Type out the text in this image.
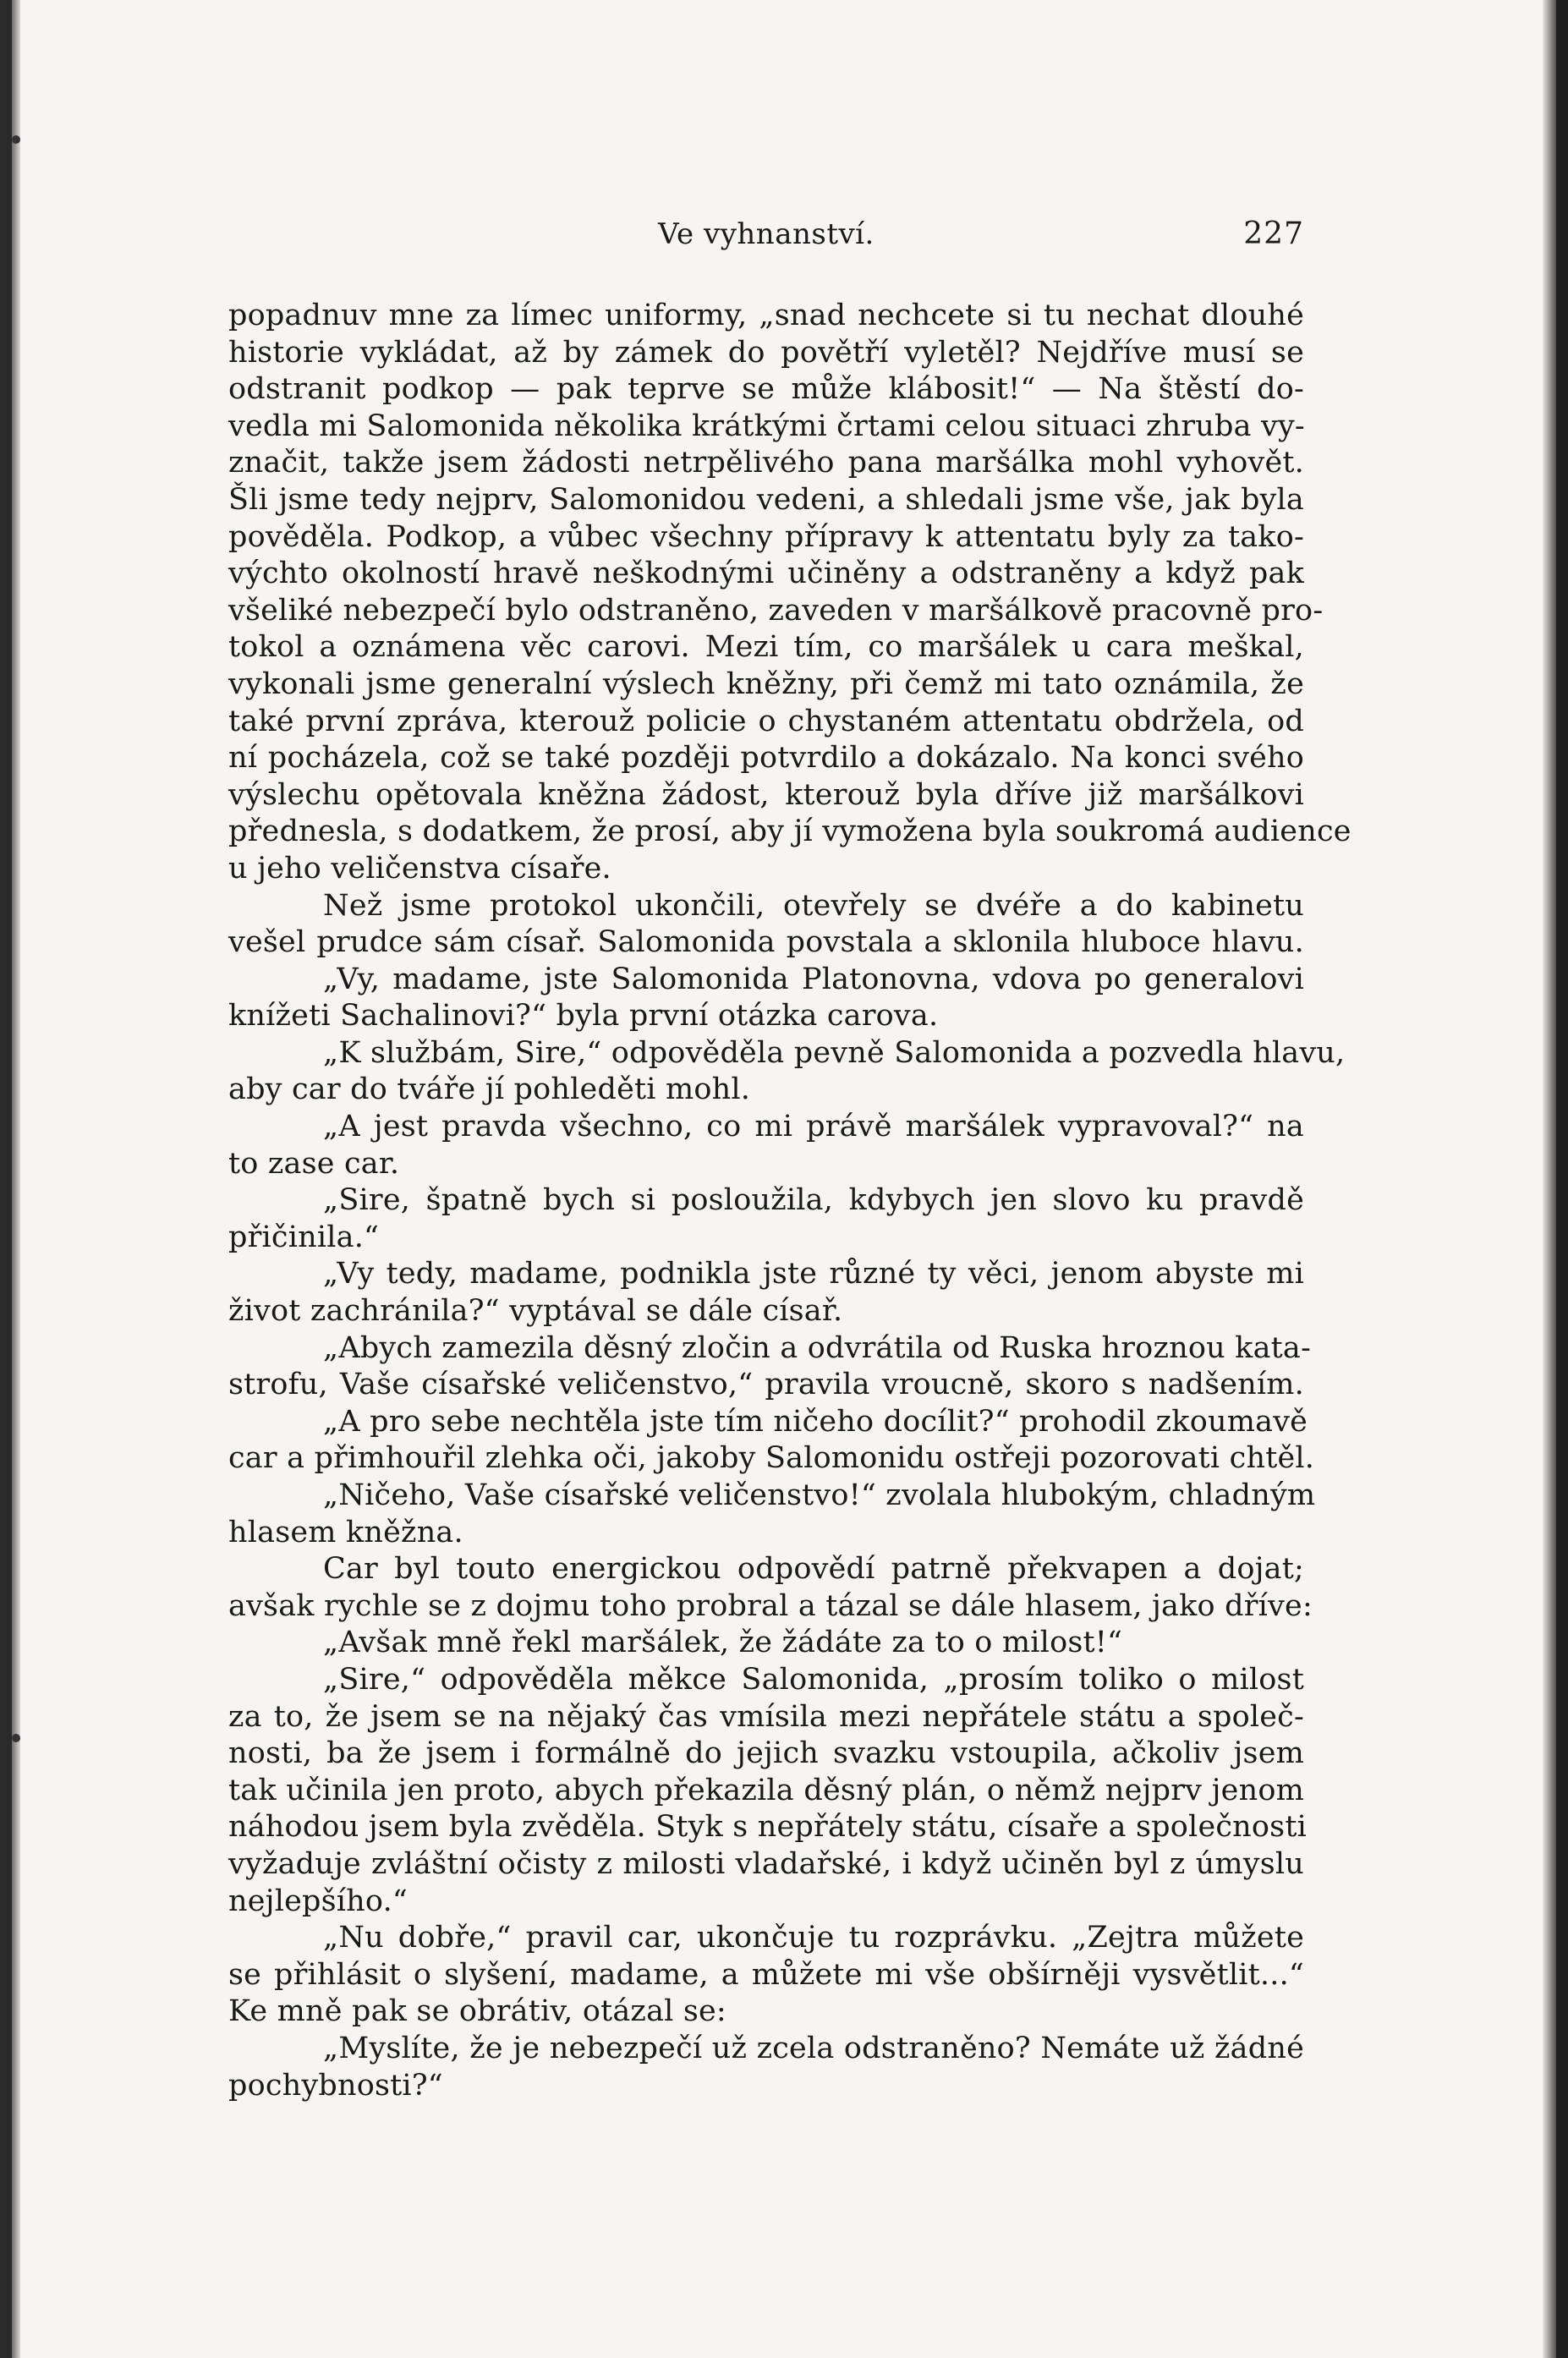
Ve vyhnanství.	227
popadnuv mne za límec uniformy, „snad nechcete si tu nechat dlouhé
historie vykládat, až by zámek do povětří vyletěl? Nejdříve musí se
odstranit podkop — pak teprve se může klábosit!“ — Na štěstí do-
vedla mi Salomonida několika krátkými črtami celou situaci zhruba vy-
značit, takže jsem žádosti netrpělivého pana maršálka mohl vyhovět.
Šli jsme tedy nejprv, Salomonidou vedeni, a shledali jsme vše, jak byla
pověděla. Podkop, a vůbec všechny přípravy k attentatu byly za tako-
výchto okolností hravě neškodnými učiněny a odstraněny a když pak
všeliké nebezpečí bylo odstraněno, zaveden v maršálkově pracovně pro-
tokol a oznámena věc carovi. Mezi tím, co maršálek u cara meškal,
vykonali jsme generalní výslech kněžny, při čemž mi tato oznámila, že
také první zpráva, kterouž policie o chystaném attentatu obdržela, od
ní pocházela, což se také později potvrdilo a dokázalo. Na konci svého
výslechu opětovala kněžna žádost, kterouž byla dříve již maršálkovi
přednesla, s dodatkem, že prosí, aby jí vymožena byla soukromá audience
u jeho veličenstva císaře.
Než jsme protokol ukončili, otevřely se dvéře a do kabinetu
vešel prudce sám císař. Salomonida povstala a sklonila hluboce hlavu.
„Vy, madame, jste Salomonida Platonovna, vdova po generalovi
knížeti Sachalinovi?“ byla první otázka carova.
„K službám, Sire,“ odpověděla pevně Salomonida a pozvedla hlavu,
aby car do tváře jí pohleděti mohl.
„A jest pravda všechno, co mi právě maršálek vypravoval?“ na
to zase car.
„Sire, špatně bych si posloužila, kdybych jen slovo ku pravdě
přičinila.“
„Vy tedy, madame, podnikla jste různé ty věci, jenom abyste mi
život zachránila?“ vyptával se dále císař.
„Abych zamezila děsný zločin a odvrátila od Ruska hroznou kata-
strofu, Vaše císařské veličenstvo,“ pravila vroucně, skoro s nadšením.
„A pro sebe nechtěla jste tím ničeho docílit?“ prohodil zkoumavě
car a přimhouřil zlehka oči, jakoby Salomonidu ostřeji pozorovati chtěl.
„Ničeho, Vaše císařské veličenstvo!“ zvolala hlubokým, chladným
hlasem kněžna.
Car byl touto energickou odpovědí patrně překvapen a dojat;
avšak rychle se z dojmu toho probral a tázal se dále hlasem, jako dříve:
„Avšak mně řekl maršálek, že žádáte za to o milost!“
„Sire,“ odpověděla měkce Salomonida, „prosím toliko o milost
za to, že jsem se na nějaký čas vmísila mezi nepřátele státu a společ-
nosti, ba že jsem i formálně do jejich svazku vstoupila, ačkoliv jsem
tak učinila jen proto, abych překazila děsný plán, o němž nejprv jenom
náhodou jsem byla zvěděla. Styk s nepřátely státu, císaře a společnosti
vyžaduje zvláštní očisty z milosti vladařské, i když učiněn byl z úmyslu
nejlepšího.“
„Nu dobře,“ pravil car, ukončuje tu rozprávku. „Zejtra můžete
se přihlásit o slyšení, madame, a můžete mi vše obšírněji vysvětlit...“
Ke mně pak se obrátiv, otázal se:
„Myslíte, že je nebezpečí už zcela odstraněno? Nemáte už žádné
pochybnosti?“
